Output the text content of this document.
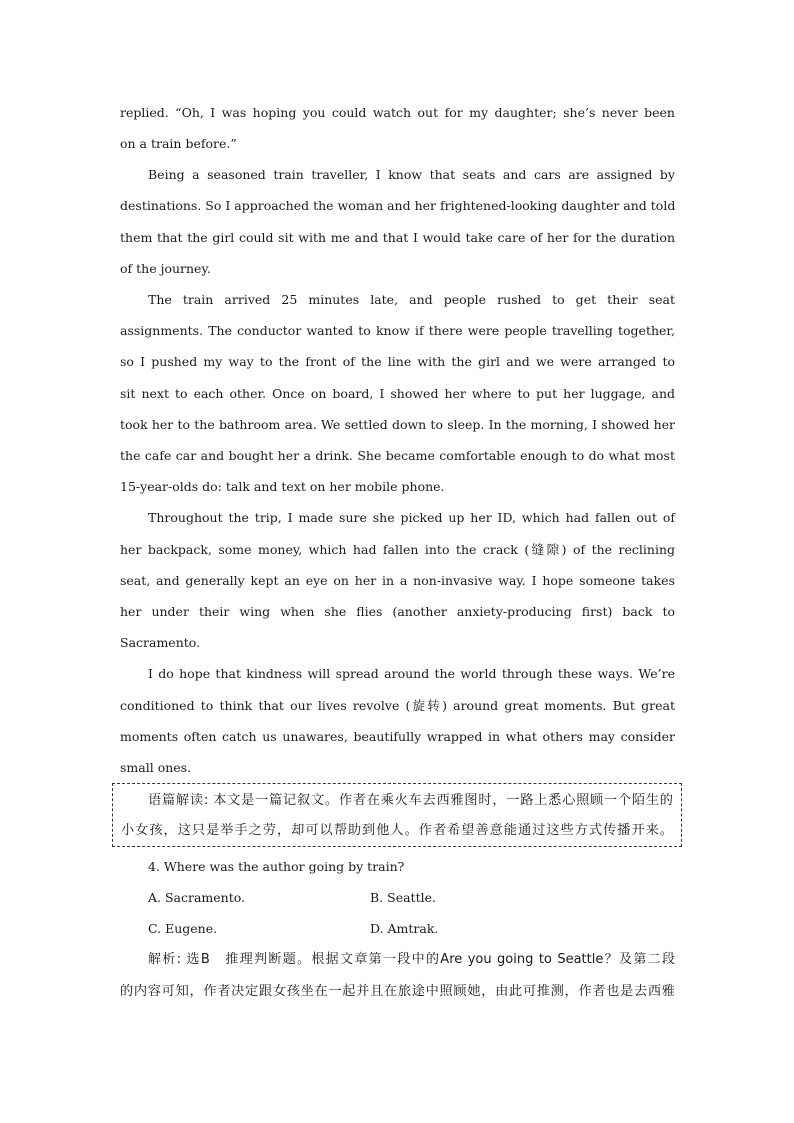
replied. “Oh, I was hoping you could watch out for my daughter; she’s never been
on a train before.”
Being a seasoned train traveller, I know that seats and cars are assigned by
destinations. So I approached the woman and her frightened-looking daughter and told
them that the girl could sit with me and that I would take care of her for the duration
of the journey.
The train arrived 25 minutes late, and people rushed to get their seat
assignments. The conductor wanted to know if there were people travelling together,
so I pushed my way to the front of the line with the girl and we were arranged to
sit next to each other. Once on board, I showed her where to put her luggage, and
took her to the bathroom area. We settled down to sleep. In the morning, I showed her
the cafe car and bought her a drink. She became comfortable enough to do what most
15-year-olds do: talk and text on her mobile phone.
Throughout the trip, I made sure she picked up her ID, which had fallen out of
her backpack, some money, which had fallen into the crack (缝隙) of the reclining
seat, and generally kept an eye on her in a non-invasive way. I hope someone takes
her under their wing when she flies (another anxiety-producing first) back to
Sacramento.
I do hope that kindness will spread around the world through these ways. We’re
conditioned to think that our lives revolve (旋转) around great moments. But great
moments often catch us unawares, beautifully wrapped in what others may consider
small ones.
语篇解读: 本文是一篇记叙文。作者在乘火车去西雅图时，一路上悉心照顾一个陌生的
小女孩，这只是举手之劳，却可以帮助到他人。作者希望善意能通过这些方式传播开来。
4. Where was the author going by train?
A. Sacramento.	B. Seattle.
C. Eugene.	D. Amtrak.
解析: 选B　推理判断题。根据文章第一段中的Are you going to Seattle？及第二段
的内容可知，作者决定跟女孩坐在一起并且在旅途中照顾她，由此可推测，作者也是去西雅
